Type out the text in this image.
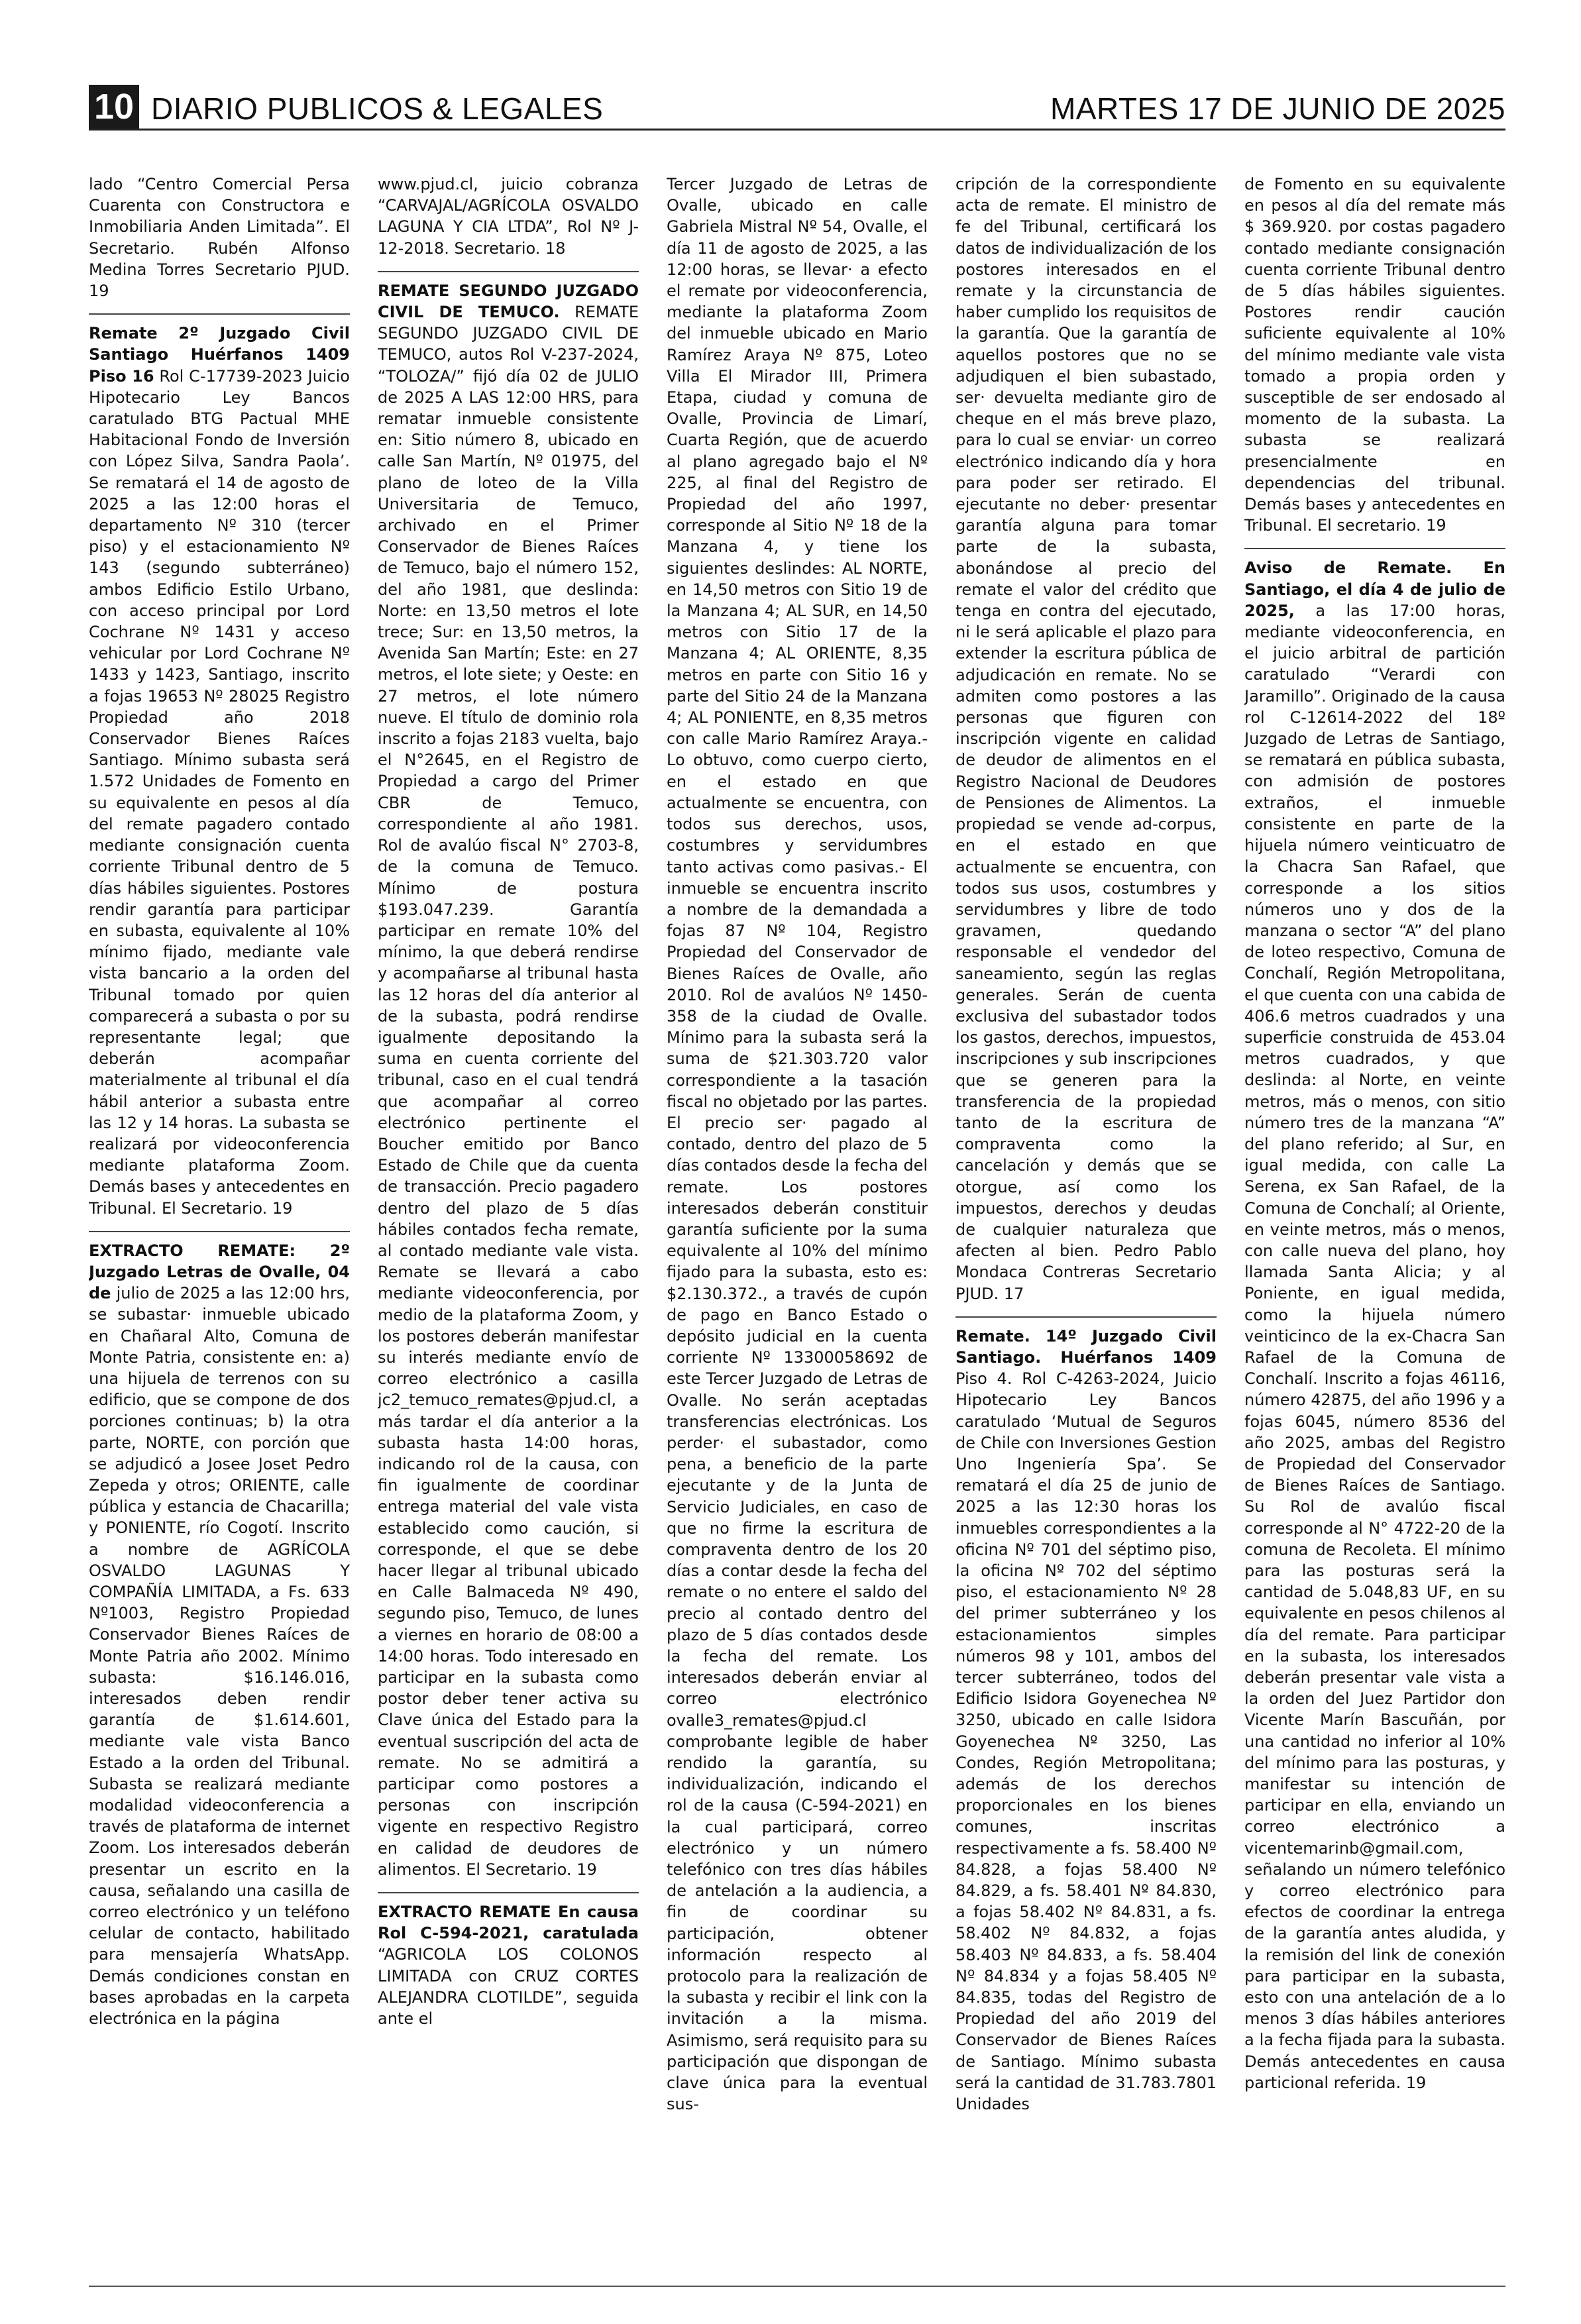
10 DIARIO PUBLICOS & LEGALES	MARTES 17 DE JUNIO DE 2025

lado “Centro Comercial Persa Cuarenta con Constructora e Inmobiliaria Anden Limitada”. El Secretario. Rubén Alfonso Medina Torres Secretario PJUD. 19

Remate 2º Juzgado Civil Santiago Huérfanos 1409 Piso 16 Rol C-17739-2023 Juicio Hipotecario Ley Bancos caratulado BTG Pactual MHE Habitacional Fondo de Inversión con López Silva, Sandra Paola’. Se rematará el 14 de agosto de 2025 a las 12:00 horas el departamento Nº 310 (tercer piso) y el estacionamiento Nº 143 (segundo subterráneo) ambos Edificio Estilo Urbano, con acceso principal por Lord Cochrane Nº 1431 y acceso vehicular por Lord Cochrane Nº 1433 y 1423, Santiago, inscrito a fojas 19653 Nº 28025 Registro Propiedad año 2018 Conservador Bienes Raíces Santiago. Mínimo subasta será 1.572 Unidades de Fomento en su equivalente en pesos al día del remate pagadero contado mediante consignación cuenta corriente Tribunal dentro de 5 días hábiles siguientes. Postores rendir garantía para participar en subasta, equivalente al 10% mínimo fijado, mediante vale vista bancario a la orden del Tribunal tomado por quien comparecerá a subasta o por su representante legal; que deberán acompañar materialmente al tribunal el día hábil anterior a subasta entre las 12 y 14 horas. La subasta se realizará por videoconferencia mediante plataforma Zoom. Demás bases y antecedentes en Tribunal. El Secretario. 19

EXTRACTO REMATE: 2º Juzgado Letras de Ovalle, 04 de julio de 2025 a las 12:00 hrs, se subastar· inmueble ubicado en Chañaral Alto, Comuna de Monte Patria, consistente en: a) una hijuela de terrenos con su edificio, que se compone de dos porciones continuas; b) la otra parte, NORTE, con porción que se adjudicó a Josee Joset Pedro Zepeda y otros; ORIENTE, calle pública y estancia de Chacarilla; y PONIENTE, río Cogotí. Inscrito a nombre de AGRÍCOLA OSVALDO LAGUNAS Y COMPAÑÍA LIMITADA, a Fs. 633 Nº1003, Registro Propiedad Conservador Bienes Raíces de Monte Patria año 2002. Mínimo subasta: $16.146.016, interesados deben rendir garantía de $1.614.601, mediante vale vista Banco Estado a la orden del Tribunal. Subasta se realizará mediante modalidad videoconferencia a través de plataforma de internet Zoom. Los interesados deberán presentar un escrito en la causa, señalando una casilla de correo electrónico y un teléfono celular de contacto, habilitado para mensajería WhatsApp. Demás condiciones constan en bases aprobadas en la carpeta electrónica en la página

www.pjud.cl, juicio cobranza “CARVAJAL/AGRÍCOLA OSVALDO LAGUNA Y CIA LTDA”, Rol Nº J-12-2018. Secretario. 18

REMATE SEGUNDO JUZGADO CIVIL DE TEMUCO. REMATE SEGUNDO JUZGADO CIVIL DE TEMUCO, autos Rol V-237-2024, “TOLOZA/” fijó día 02 de JULIO de 2025 A LAS 12:00 HRS, para rematar inmueble consistente en: Sitio número 8, ubicado en calle San Martín, Nº 01975, del plano de loteo de la Villa Universitaria de Temuco, archivado en el Primer Conservador de Bienes Raíces de Temuco, bajo el número 152, del año 1981, que deslinda: Norte: en 13,50 metros el lote trece; Sur: en 13,50 metros, la Avenida San Martín; Este: en 27 metros, el lote siete; y Oeste: en 27 metros, el lote número nueve. El título de dominio rola inscrito a fojas 2183 vuelta, bajo el N°2645, en el Registro de Propiedad a cargo del Primer CBR de Temuco, correspondiente al año 1981. Rol de avalúo fiscal N° 2703-8, de la comuna de Temuco. Mínimo de postura $193.047.239. Garantía participar en remate 10% del mínimo, la que deberá rendirse y acompañarse al tribunal hasta las 12 horas del día anterior al de la subasta, podrá rendirse igualmente depositando la suma en cuenta corriente del tribunal, caso en el cual tendrá que acompañar al correo electrónico pertinente el Boucher emitido por Banco Estado de Chile que da cuenta de transacción. Precio pagadero dentro del plazo de 5 días hábiles contados fecha remate, al contado mediante vale vista. Remate se llevará a cabo mediante videoconferencia, por medio de la plataforma Zoom, y los postores deberán manifestar su interés mediante envío de correo electrónico a casilla jc2_temuco_remates@pjud.cl, a más tardar el día anterior a la subasta hasta 14:00 horas, indicando rol de la causa, con fin igualmente de coordinar entrega material del vale vista establecido como caución, si corresponde, el que se debe hacer llegar al tribunal ubicado en Calle Balmaceda Nº 490, segundo piso, Temuco, de lunes a viernes en horario de 08:00 a 14:00 horas. Todo interesado en participar en la subasta como postor deber tener activa su Clave única del Estado para la eventual suscripción del acta de remate. No se admitirá a participar como postores a personas con inscripción vigente en respectivo Registro en calidad de deudores de alimentos. El Secretario. 19

EXTRACTO REMATE En causa Rol C-594-2021, caratulada “AGRICOLA LOS COLONOS LIMITADA con CRUZ CORTES ALEJANDRA CLOTILDE”, seguida ante el

Tercer Juzgado de Letras de Ovalle, ubicado en calle Gabriela Mistral Nº 54, Ovalle, el día 11 de agosto de 2025, a las 12:00 horas, se llevar· a efecto el remate por videoconferencia, mediante la plataforma Zoom del inmueble ubicado en Mario Ramírez Araya Nº 875, Loteo Villa El Mirador III, Primera Etapa, ciudad y comuna de Ovalle, Provincia de Limarí, Cuarta Región, que de acuerdo al plano agregado bajo el Nº 225, al final del Registro de Propiedad del año 1997, corresponde al Sitio Nº 18 de la Manzana 4, y tiene los siguientes deslindes: AL NORTE, en 14,50 metros con Sitio 19 de la Manzana 4; AL SUR, en 14,50 metros con Sitio 17 de la Manzana 4; AL ORIENTE, 8,35 metros en parte con Sitio 16 y parte del Sitio 24 de la Manzana 4; AL PONIENTE, en 8,35 metros con calle Mario Ramírez Araya.- Lo obtuvo, como cuerpo cierto, en el estado en que actualmente se encuentra, con todos sus derechos, usos, costumbres y servidumbres tanto activas como pasivas.- El inmueble se encuentra inscrito a nombre de la demandada a fojas 87 Nº 104, Registro Propiedad del Conservador de Bienes Raíces de Ovalle, año 2010. Rol de avalúos Nº 1450-358 de la ciudad de Ovalle. Mínimo para la subasta será la suma de $21.303.720 valor correspondiente a la tasación fiscal no objetado por las partes. El precio ser· pagado al contado, dentro del plazo de 5 días contados desde la fecha del remate. Los postores interesados deberán constituir garantía suficiente por la suma equivalente al 10% del mínimo fijado para la subasta, esto es: $2.130.372., a través de cupón de pago en Banco Estado o depósito judicial en la cuenta corriente Nº 13300058692 de este Tercer Juzgado de Letras de Ovalle. No serán aceptadas transferencias electrónicas. Los perder· el subastador, como pena, a beneficio de la parte ejecutante y de la Junta de Servicio Judiciales, en caso de que no firme la escritura de compraventa dentro de los 20 días a contar desde la fecha del remate o no entere el saldo del precio al contado dentro del plazo de 5 días contados desde la fecha del remate. Los interesados deberán enviar al correo electrónico ovalle3_remates@pjud.cl comprobante legible de haber rendido la garantía, su individualización, indicando el rol de la causa (C-594-2021) en la cual participará, correo electrónico y un número telefónico con tres días hábiles de antelación a la audiencia, a fin de coordinar su participación, obtener información respecto al protocolo para la realización de la subasta y recibir el link con la invitación a la misma. Asimismo, será requisito para su participación que dispongan de clave única para la eventual sus-

cripción de la correspondiente acta de remate. El ministro de fe del Tribunal, certificará los datos de individualización de los postores interesados en el remate y la circunstancia de haber cumplido los requisitos de la garantía. Que la garantía de aquellos postores que no se adjudiquen el bien subastado, ser· devuelta mediante giro de cheque en el más breve plazo, para lo cual se enviar· un correo electrónico indicando día y hora para poder ser retirado. El ejecutante no deber· presentar garantía alguna para tomar parte de la subasta, abonándose al precio del remate el valor del crédito que tenga en contra del ejecutado, ni le será aplicable el plazo para extender la escritura pública de adjudicación en remate. No se admiten como postores a las personas que figuren con inscripción vigente en calidad de deudor de alimentos en el Registro Nacional de Deudores de Pensiones de Alimentos. La propiedad se vende ad-corpus, en el estado en que actualmente se encuentra, con todos sus usos, costumbres y servidumbres y libre de todo gravamen, quedando responsable el vendedor del saneamiento, según las reglas generales. Serán de cuenta exclusiva del subastador todos los gastos, derechos, impuestos, inscripciones y sub inscripciones que se generen para la transferencia de la propiedad tanto de la escritura de compraventa como la cancelación y demás que se otorgue, así como los impuestos, derechos y deudas de cualquier naturaleza que afecten al bien. Pedro Pablo Mondaca Contreras Secretario PJUD. 17

Remate. 14º Juzgado Civil Santiago. Huérfanos 1409 Piso 4. Rol C-4263-2024, Juicio Hipotecario Ley Bancos caratulado ‘Mutual de Seguros de Chile con Inversiones Gestion Uno Ingeniería Spa’. Se rematará el día 25 de junio de 2025 a las 12:30 horas los inmuebles correspondientes a la oficina Nº 701 del séptimo piso, la oficina Nº 702 del séptimo piso, el estacionamiento Nº 28 del primer subterráneo y los estacionamientos simples números 98 y 101, ambos del tercer subterráneo, todos del Edificio Isidora Goyenechea Nº 3250, ubicado en calle Isidora Goyenechea Nº 3250, Las Condes, Región Metropolitana; además de los derechos proporcionales en los bienes comunes, inscritas respectivamente a fs. 58.400 Nº 84.828, a fojas 58.400 Nº 84.829, a fs. 58.401 Nº 84.830, a fojas 58.402 Nº 84.831, a fs. 58.402 Nº 84.832, a fojas 58.403 Nº 84.833, a fs. 58.404 Nº 84.834 y a fojas 58.405 Nº 84.835, todas del Registro de Propiedad del año 2019 del Conservador de Bienes Raíces de Santiago. Mínimo subasta será la cantidad de 31.783.7801 Unidades

de Fomento en su equivalente en pesos al día del remate más $ 369.920. por costas pagadero contado mediante consignación cuenta corriente Tribunal dentro de 5 días hábiles siguientes. Postores rendir caución suficiente equivalente al 10% del mínimo mediante vale vista tomado a propia orden y susceptible de ser endosado al momento de la subasta. La subasta se realizará presencialmente en dependencias del tribunal. Demás bases y antecedentes en Tribunal. El secretario. 19

Aviso de Remate. En Santiago, el día 4 de julio de 2025, a las 17:00 horas, mediante videoconferencia, en el juicio arbitral de partición caratulado “Verardi con Jaramillo”. Originado de la causa rol C-12614-2022 del 18º Juzgado de Letras de Santiago, se rematará en pública subasta, con admisión de postores extraños, el inmueble consistente en parte de la hijuela número veinticuatro de la Chacra San Rafael, que corresponde a los sitios números uno y dos de la manzana o sector “A” del plano de loteo respectivo, Comuna de Conchalí, Región Metropolitana, el que cuenta con una cabida de 406.6 metros cuadrados y una superficie construida de 453.04 metros cuadrados, y que deslinda: al Norte, en veinte metros, más o menos, con sitio número tres de la manzana “A” del plano referido; al Sur, en igual medida, con calle La Serena, ex San Rafael, de la Comuna de Conchalí; al Oriente, en veinte metros, más o menos, con calle nueva del plano, hoy llamada Santa Alicia; y al Poniente, en igual medida, como la hijuela número veinticinco de la ex-Chacra San Rafael de la Comuna de Conchalí. Inscrito a fojas 46116, número 42875, del año 1996 y a fojas 6045, número 8536 del año 2025, ambas del Registro de Propiedad del Conservador de Bienes Raíces de Santiago. Su Rol de avalúo fiscal corresponde al N° 4722-20 de la comuna de Recoleta. El mínimo para las posturas será la cantidad de 5.048,83 UF, en su equivalente en pesos chilenos al día del remate. Para participar en la subasta, los interesados deberán presentar vale vista a la orden del Juez Partidor don Vicente Marín Bascuñán, por una cantidad no inferior al 10% del mínimo para las posturas, y manifestar su intención de participar en ella, enviando un correo electrónico a vicentemarinb@gmail.com, señalando un número telefónico y correo electrónico para efectos de coordinar la entrega de la garantía antes aludida, y la remisión del link de conexión para participar en la subasta, esto con una antelación de a lo menos 3 días hábiles anteriores a la fecha fijada para la subasta. Demás antecedentes en causa particional referida. 19
